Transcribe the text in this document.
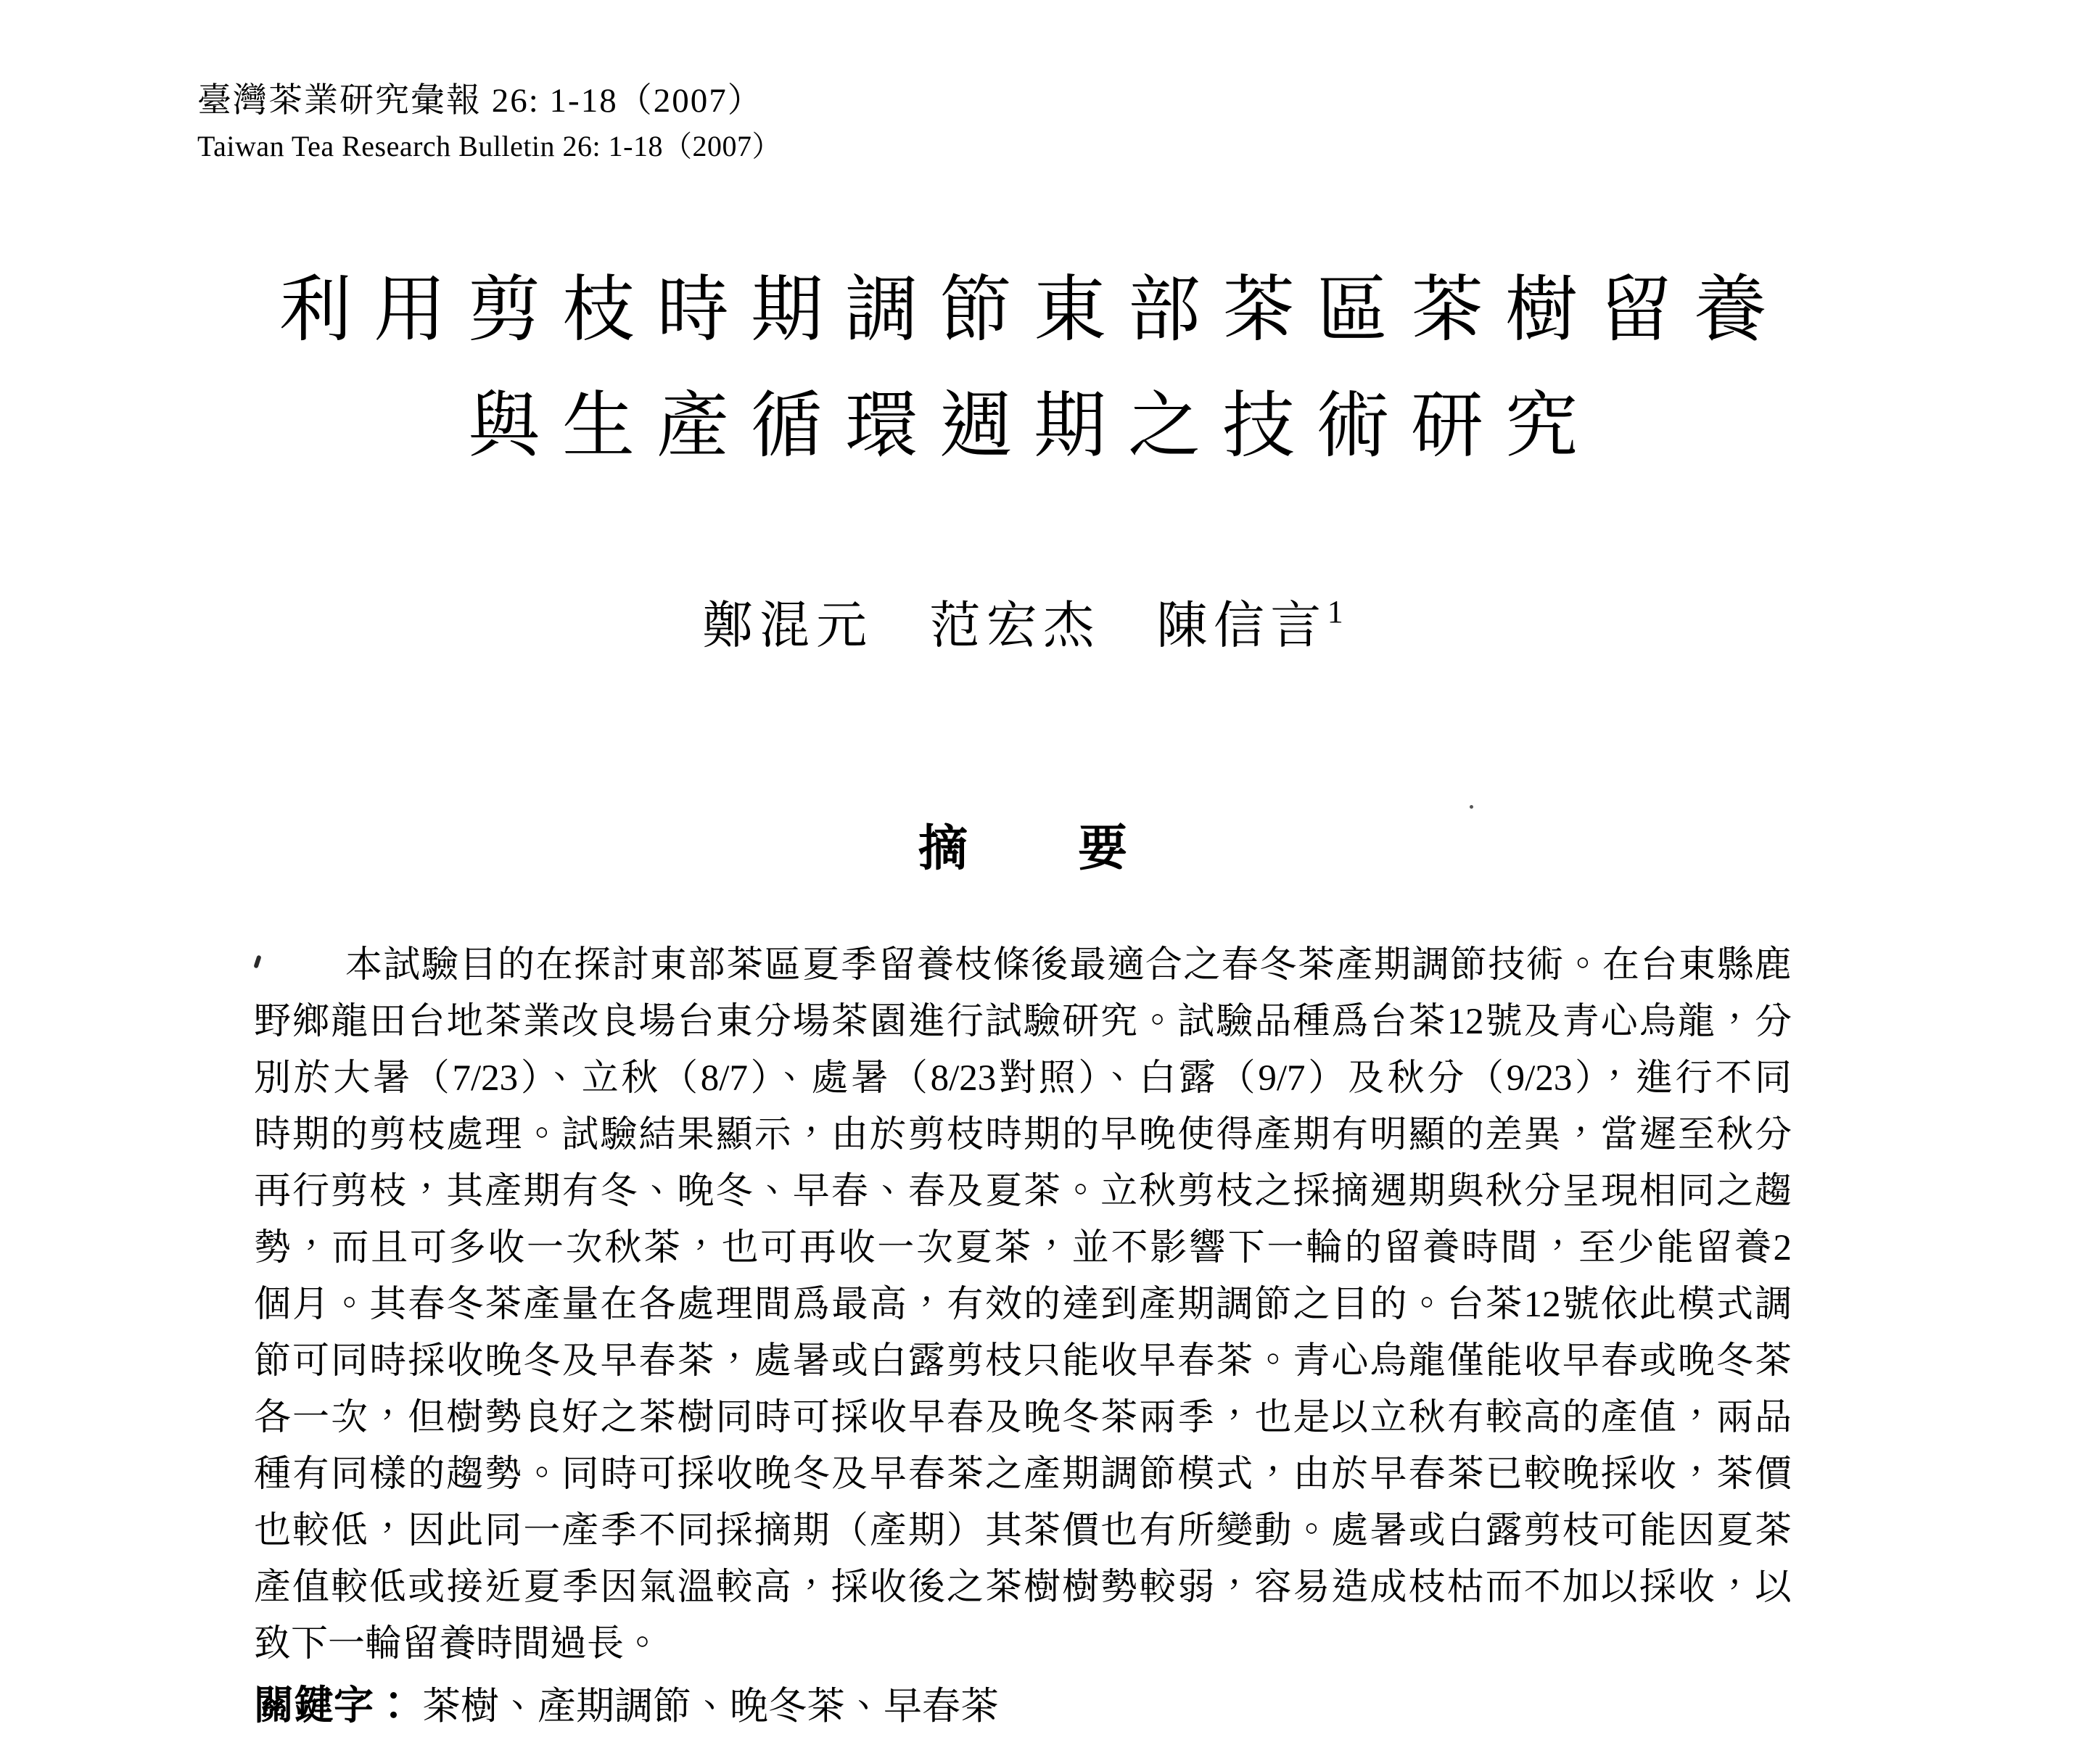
臺灣茶業研究彙報 26: 1-18（2007）
Taiwan Tea Research Bulletin 26: 1-18（2007）
利用剪枝時期調節東部茶區茶樹留養
與生產循環週期之技術研究
鄭混元 范宏杰 陳信言$^1$
摘 要
本試驗目的在探討東部茶區夏季留養枝條後最適合之春冬茶產期調節技術。在台東縣鹿
野鄉龍田台地茶業改良場台東分場茶園進行試驗研究。試驗品種爲台茶12號及青心烏龍，分
別於大暑（7/23）、立秋（8/7）、處暑（8/23對照）、白露（9/7）及秋分（9/23），進行不同
時期的剪枝處理。試驗結果顯示，由於剪枝時期的早晚使得產期有明顯的差異，當遲至秋分
再行剪枝，其產期有冬、晚冬、早春、春及夏茶。立秋剪枝之採摘週期與秋分呈現相同之趨
勢，而且可多收一次秋茶，也可再收一次夏茶，並不影響下一輪的留養時間，至少能留養2
個月。其春冬茶產量在各處理間爲最高，有效的達到產期調節之目的。台茶12號依此模式調
節可同時採收晚冬及早春茶，處暑或白露剪枝只能收早春茶。青心烏龍僅能收早春或晚冬茶
各一次，但樹勢良好之茶樹同時可採收早春及晚冬茶兩季，也是以立秋有較高的產值，兩品
種有同樣的趨勢。同時可採收晚冬及早春茶之產期調節模式，由於早春茶已較晚採收，茶價
也較低，因此同一產季不同採摘期（產期）其茶價也有所變動。處暑或白露剪枝可能因夏茶
產值較低或接近夏季因氣溫較高，採收後之茶樹樹勢較弱，容易造成枝枯而不加以採收，以
致下一輪留養時間過長。
關鍵字： 茶樹、產期調節、晚冬茶、早春茶
